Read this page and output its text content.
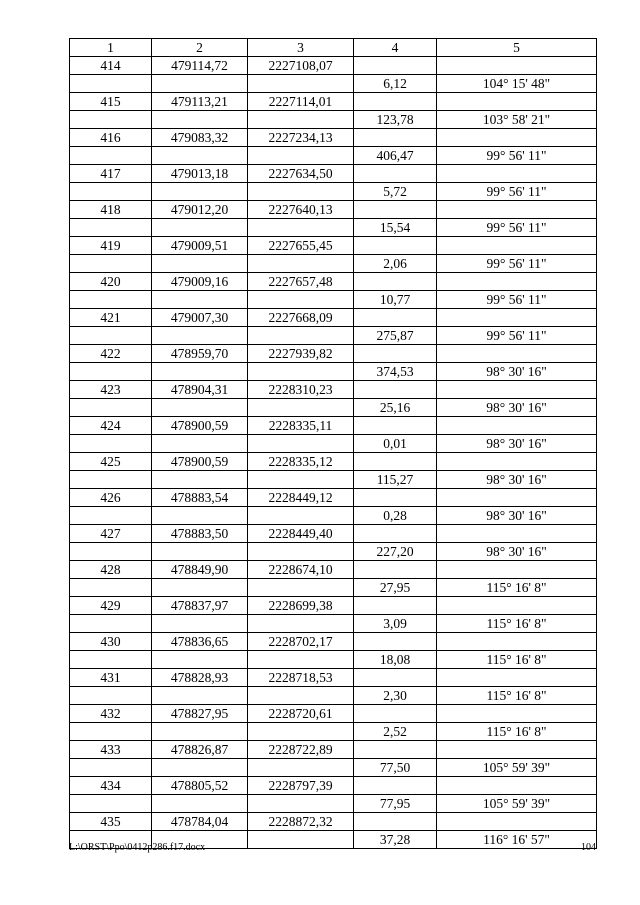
1	2	3	4	5
414	479114,72	2227108,07		
			6,12	104° 15' 48"
415	479113,21	2227114,01		
			123,78	103° 58' 21"
416	479083,32	2227234,13		
			406,47	99° 56' 11"
417	479013,18	2227634,50		
			5,72	99° 56' 11"
418	479012,20	2227640,13		
			15,54	99° 56' 11"
419	479009,51	2227655,45		
			2,06	99° 56' 11"
420	479009,16	2227657,48		
			10,77	99° 56' 11"
421	479007,30	2227668,09		
			275,87	99° 56' 11"
422	478959,70	2227939,82		
			374,53	98° 30' 16"
423	478904,31	2228310,23		
			25,16	98° 30' 16"
424	478900,59	2228335,11		
			0,01	98° 30' 16"
425	478900,59	2228335,12		
			115,27	98° 30' 16"
426	478883,54	2228449,12		
			0,28	98° 30' 16"
427	478883,50	2228449,40		
			227,20	98° 30' 16"
428	478849,90	2228674,10		
			27,95	115° 16' 8"
429	478837,97	2228699,38		
			3,09	115° 16' 8"
430	478836,65	2228702,17		
			18,08	115° 16' 8"
431	478828,93	2228718,53		
			2,30	115° 16' 8"
432	478827,95	2228720,61		
			2,52	115° 16' 8"
433	478826,87	2228722,89		
			77,50	105° 59' 39"
434	478805,52	2228797,39		
			77,95	105° 59' 39"
435	478784,04	2228872,32		
			37,28	116° 16' 57"
L:\ORST\Ppo\0412p286.f17.docx	104
